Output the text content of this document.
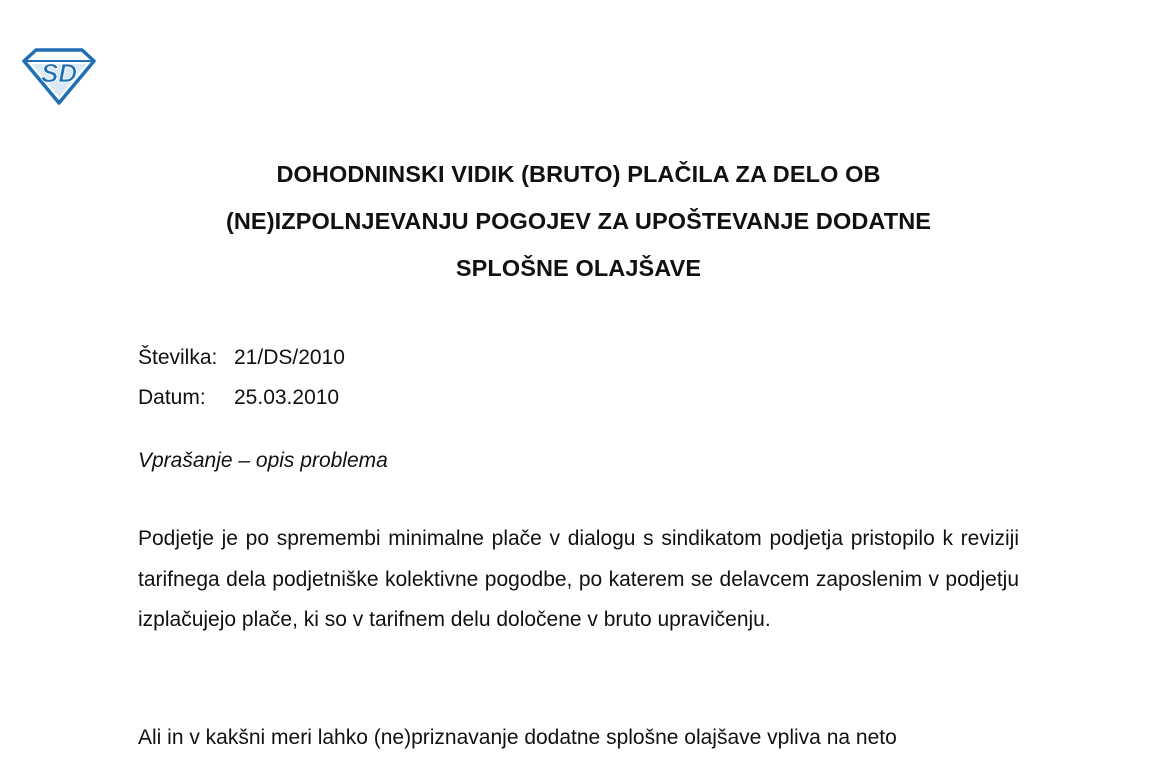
SD
DOHODNINSKI VIDIK (BRUTO) PLAČILA ZA DELO OB
(NE)IZPOLNJEVANJU POGOJEV ZA UPOŠTEVANJE DODATNE
SPLOŠNE OLAJŠAVE
Številka: 21/DS/2010
Datum: 25.03.2010
Vprašanje – opis problema

Podjetje je po spremembi minimalne plače v dialogu s sindikatom podjetja pristopilo k reviziji tarifnega dela podjetniške kolektivne pogodbe, po katerem se delavcem zaposlenim v podjetju izplačujejo plače, ki so v tarifnem delu določene v bruto upravičenju.

Ali in v kakšni meri lahko (ne)priznavanje dodatne splošne olajšave vpliva na neto
